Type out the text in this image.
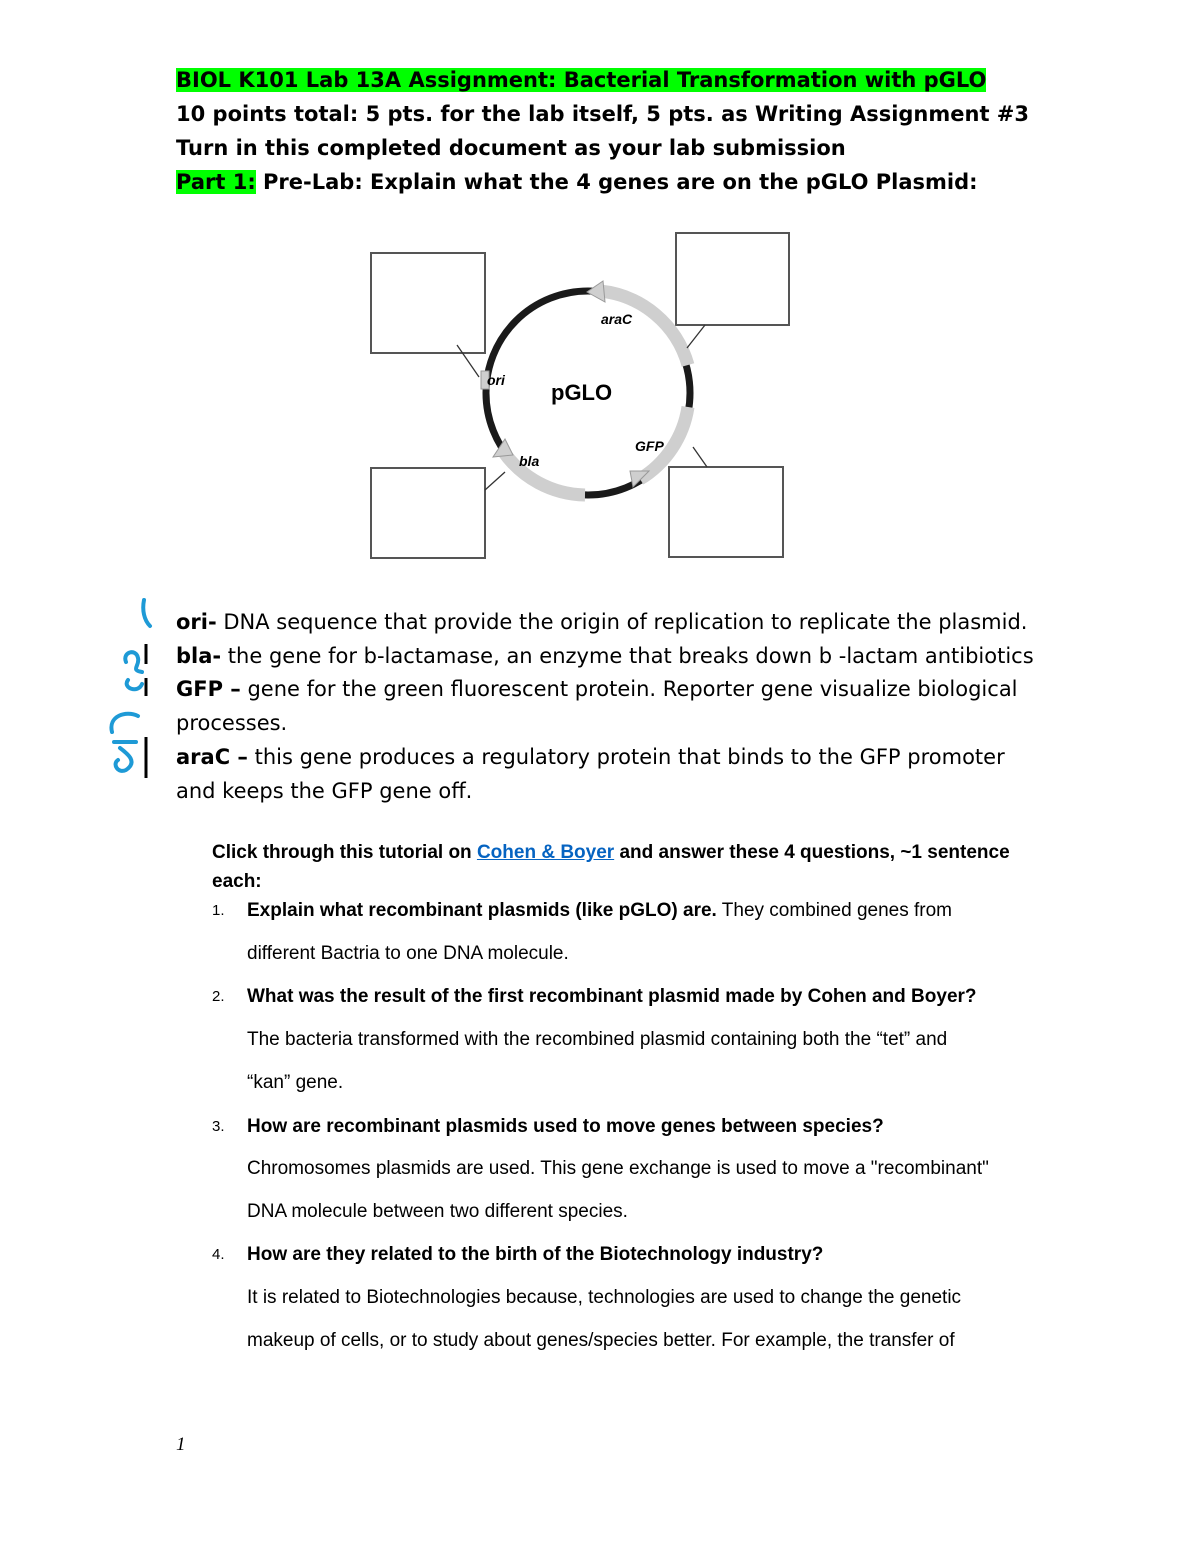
BIOL K101 Lab 13A Assignment: Bacterial Transformation with pGLO
10 points total: 5 pts. for the lab itself, 5 pts. as Writing Assignment #3
Turn in this completed document as your lab submission
Part 1: Pre-Lab: Explain what the 4 genes are on the pGLO Plasmid:
pGLO
araC
ori
GFP
bla
ori- DNA sequence that provide the origin of replication to replicate the plasmid.
bla- the gene for b-lactamase, an enzyme that breaks down b -lactam antibiotics
GFP – gene for the green fluorescent protein. Reporter gene visualize biological
processes.
araC – this gene produces a regulatory protein that binds to the GFP promoter
and keeps the GFP gene off.
Click through this tutorial on Cohen & Boyer and answer these 4 questions, ~1 sentence
each:
1. Explain what recombinant plasmids (like pGLO) are. They combined genes from
different Bactria to one DNA molecule.
2. What was the result of the first recombinant plasmid made by Cohen and Boyer?
The bacteria transformed with the recombined plasmid containing both the “tet” and
“kan” gene.
3. How are recombinant plasmids used to move genes between species?
Chromosomes plasmids are used. This gene exchange is used to move a "recombinant"
DNA molecule between two different species.
4. How are they related to the birth of the Biotechnology industry?
It is related to Biotechnologies because, technologies are used to change the genetic
makeup of cells, or to study about genes/species better. For example, the transfer of
1
